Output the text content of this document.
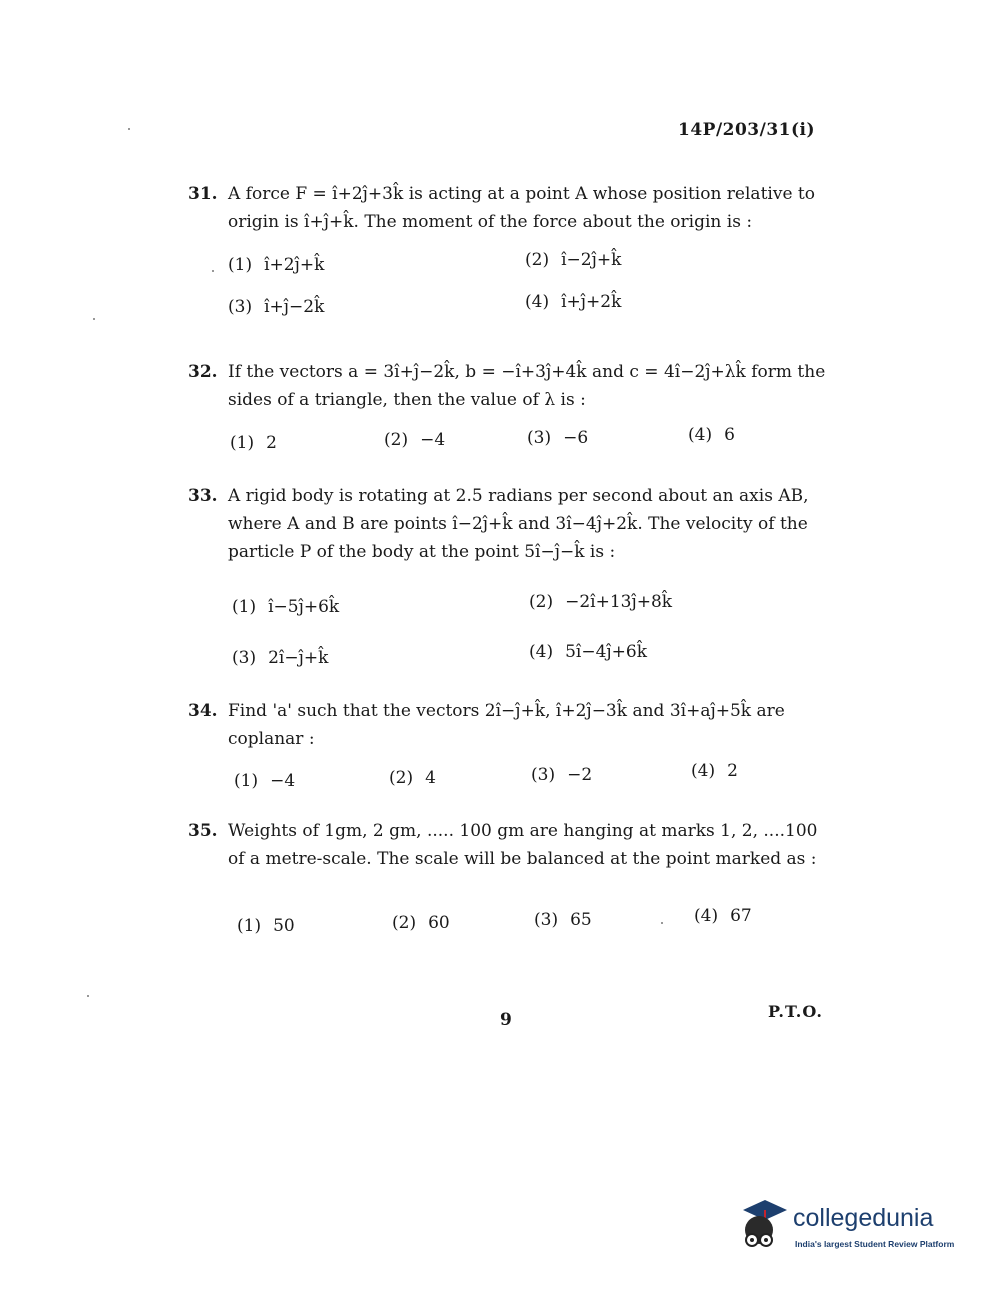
14P/203/31(i)
31. A force F = î+2ĵ+3k̂ is acting at a point A whose position relative to origin is î+ĵ+k̂. The moment of the force about the origin is :
(1) î+2ĵ+k̂	(2) î−2ĵ+k̂
(3) î+ĵ−2k̂	(4) î+ĵ+2k̂
32. If the vectors a = 3î+ĵ−2k̂, b = −î+3ĵ+4k̂ and c = 4î−2ĵ+λk̂ form the sides of a triangle, then the value of λ is :
(1) 2	(2) −4	(3) −6	(4) 6
33. A rigid body is rotating at 2.5 radians per second about an axis AB, where A and B are points î−2ĵ+k̂ and 3î−4ĵ+2k̂. The velocity of the particle P of the body at the point 5î−ĵ−k̂ is :
(1) î−5ĵ+6k̂	(2) −2î+13ĵ+8k̂
(3) 2î−ĵ+k̂	(4) 5î−4ĵ+6k̂
34. Find 'a' such that the vectors 2î−ĵ+k̂, î+2ĵ−3k̂ and 3î+aĵ+5k̂ are coplanar :
(1) −4	(2) 4	(3) −2	(4) 2
35. Weights of 1gm, 2 gm, ..... 100 gm are hanging at marks 1, 2, ....100 of a metre-scale. The scale will be balanced at the point marked as :
(1) 50	(2) 60	(3) 65	(4) 67
9	P.T.O.
collegedunia
India's largest Student Review Platform
